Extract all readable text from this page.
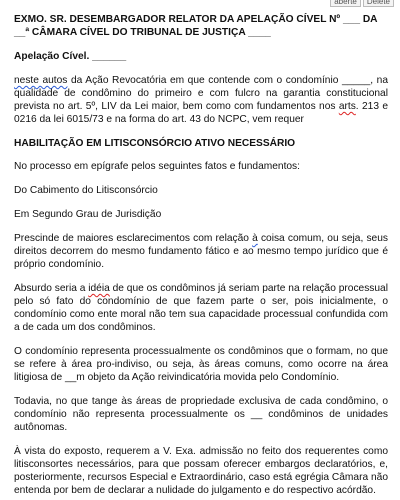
aberte Delete
EXMO. SR. DESEMBARGADOR RELATOR DA APELAÇÃO CÍVEL Nº ___ DA __ª CÂMARA CÍVEL DO TRIBUNAL DE JUSTIÇA ____
Apelação Cível. ______

neste autos da Ação Revocatória em que contende com o condomínio _____, na qualidade de condômino do primeiro e com fulcro na garantia constitucional prevista no art. 5º, LIV da Lei maior, bem como com fundamentos nos arts. 213 e 0216 da lei 6015/73 e na forma do art. 43 do NCPC, vem requer

HABILITAÇÃO EM LITISCONSÓRCIO ATIVO NECESSÁRIO

No processo em epígrafe pelos seguintes fatos e fundamentos:

Do Cabimento do Litisconsórcio

Em Segundo Grau de Jurisdição

Prescinde de maiores esclarecimentos com relação à coisa comum, ou seja, seus direitos decorrem do mesmo fundamento fático e ao mesmo tempo jurídico que é próprio condomínio.

Absurdo seria a idéia de que os condôminos já seriam parte na relação processual pelo só fato do condomínio de que fazem parte o ser, pois inicialmente, o condomínio como ente moral não tem sua capacidade processual confundida com a de cada um dos condôminos.

O condomínio representa processualmente os condôminos que o formam, no que se refere à área pro-indiviso, ou seja, às áreas comuns, como ocorre na área litigiosa de __m objeto da Ação reivindicatória movida pelo Condomínio.

Todavia, no que tange às áreas de propriedade exclusiva de cada condômino, o condomínio não representa processualmente os __ condôminos de unidades autônomas.

À vista do exposto, requerem a V. Exa. admissão no feito dos requerentes como litisconsortes necessários, para que possam oferecer embargos declaratórios, e, posteriormente, recursos Especial e Extraordinário, caso está egrégia Câmara não entenda por bem de declarar a nulidade do julgamento e do respectivo acórdão.
